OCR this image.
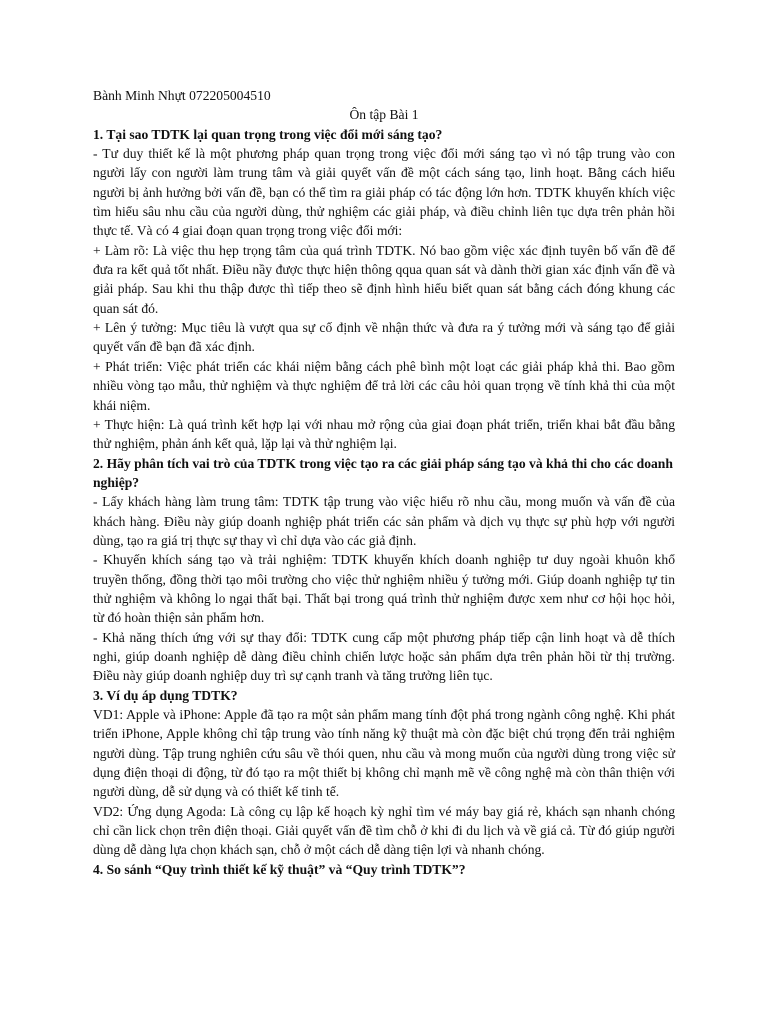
Bành Minh Nhựt 072205004510

Ôn tập Bài 1

1. Tại sao TDTK lại quan trọng trong việc đổi mới sáng tạo?

- Tư duy thiết kế là một phương pháp quan trọng trong việc đổi mới sáng tạo vì nó tập trung vào con người lấy con người làm trung tâm và giải quyết vấn đề một cách sáng tạo, linh hoạt. Bằng cách hiểu người bị ảnh hưởng bởi vấn đề, bạn có thể tìm ra giải pháp có tác động lớn hơn. TDTK khuyến khích việc tìm hiểu sâu nhu cầu của người dùng, thử nghiệm các giải pháp, và điều chỉnh liên tục dựa trên phản hồi thực tế. Và có 4 giai đoạn quan trọng trong việc đổi mới:

+ Làm rõ: Là việc thu hẹp trọng tâm của quá trình TDTK. Nó bao gồm việc xác định tuyên bố vấn đề để đưa ra kết quả tốt nhất. Điều nầy được thực hiện thông qqua quan sát và dành thời gian xác định vấn đề và giải pháp. Sau khi thu thập được thì tiếp theo sẽ định hình hiểu biết quan sát bằng cách đóng khung các quan sát đó.

+ Lên ý tưởng: Mục tiêu là vượt qua sự cố định về nhận thức và đưa ra ý tưởng mới và sáng tạo để giải quyết vấn đề bạn đã xác định.

+ Phát triển: Việc phát triển các khái niệm bằng cách phê bình một loạt các giải pháp khả thi. Bao gồm nhiều vòng tạo mẫu, thử nghiệm và thực nghiệm để trả lời các câu hỏi quan trọng về tính khả thi của một khái niệm.

+ Thực hiện: Là quá trình kết hợp lại với nhau mở rộng của giai đoạn phát triển, triển khai bắt đầu bằng thử nghiệm, phản ánh kết quả, lặp lại và thử nghiệm lại.

2. Hãy phân tích vai trò của TDTK trong việc tạo ra các giải pháp sáng tạo và khả thi cho các doanh nghiệp?

- Lấy khách hàng làm trung tâm: TDTK tập trung vào việc hiểu rõ nhu cầu, mong muốn và vấn đề của khách hàng. Điều này giúp doanh nghiệp phát triển các sản phẩm và dịch vụ thực sự phù hợp với người dùng, tạo ra giá trị thực sự thay vì chỉ dựa vào các giả định.

- Khuyến khích sáng tạo và trải nghiệm: TDTK khuyến khích doanh nghiệp tư duy ngoài khuôn khổ truyền thống, đồng thời tạo môi trường cho việc thử nghiệm nhiều ý tưởng mới. Giúp doanh nghiệp tự tin thử nghiệm và không lo ngại thất bại. Thất bại trong quá trình thử nghiệm được xem như cơ hội học hỏi, từ đó hoàn thiện sản phẩm hơn.

- Khả năng thích ứng với sự thay đổi: TDTK cung cấp một phương pháp tiếp cận linh hoạt và dễ thích nghi, giúp doanh nghiệp dễ dàng điều chỉnh chiến lược hoặc sản phẩm dựa trên phản hồi từ thị trường. Điều này giúp doanh nghiệp duy trì sự cạnh tranh và tăng trưởng liên tục.

3. Ví dụ áp dụng TDTK?

VD1: Apple và iPhone: Apple đã tạo ra một sản phẩm mang tính đột phá trong ngành công nghệ. Khi phát triển iPhone, Apple không chỉ tập trung vào tính năng kỹ thuật mà còn đặc biệt chú trọng đến trải nghiệm người dùng. Tập trung nghiên cứu sâu về thói quen, nhu cầu và mong muốn của người dùng trong việc sử dụng điện thoại di động, từ đó tạo ra một thiết bị không chỉ mạnh mẽ về công nghệ mà còn thân thiện với người dùng, dễ sử dụng và có thiết kế tinh tế.

VD2: Ứng dụng Agoda: Là công cụ lập kế hoạch kỳ nghỉ tìm vé máy bay giá rẻ, khách sạn nhanh chóng chỉ cần lick chọn trên điện thoại. Giải quyết vấn đề tìm chỗ ở khi đi du lịch và về giá cả. Từ đó giúp người dùng dễ dàng lựa chọn khách sạn, chỗ ở một cách dễ dàng tiện lợi và nhanh chóng.

4. So sánh “Quy trình thiết kế kỹ thuật” và “Quy trình TDTK”?
